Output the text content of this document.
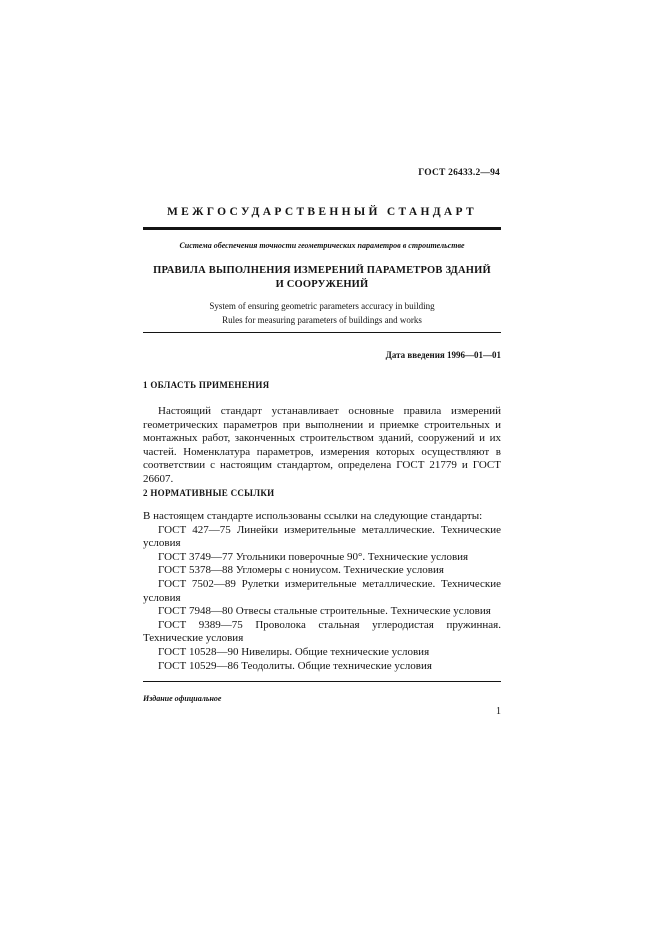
ГОСТ 26433.2—94
МЕЖГОСУДАРСТВЕННЫЙ СТАНДАРТ
Система обеспечения точности геометрических параметров в строительстве
ПРАВИЛА ВЫПОЛНЕНИЯ ИЗМЕРЕНИЙ ПАРАМЕТРОВ ЗДАНИЙ
И СООРУЖЕНИЙ
System of ensuring geometric parameters accuracy in building
Rules for measuring parameters of buildings and works
Дата введения 1996—01—01
1 ОБЛАСТЬ ПРИМЕНЕНИЯ
Настоящий стандарт устанавливает основные правила измерений геометрических параметров при выполнении и приемке строительных и монтажных работ, законченных строительством зданий, сооружений и их частей. Номенклатура параметров, измерения которых осуществляют в соответствии с настоящим стандартом, определена ГОСТ 21779 и ГОСТ 26607.
2 НОРМАТИВНЫЕ ССЫЛКИ

В настоящем стандарте использованы ссылки на следующие стандарты:

ГОСТ 427—75 Линейки измерительные металлические. Технические условия

ГОСТ 3749—77 Угольники поверочные 90°. Технические условия

ГОСТ 5378—88 Угломеры с нониусом. Технические условия

ГОСТ 7502—89 Рулетки измерительные металлические. Технические условия

ГОСТ 7948—80 Отвесы стальные строительные. Технические условия

ГОСТ 9389—75 Проволока стальная углеродистая пружинная. Технические условия

ГОСТ 10528—90 Нивелиры. Общие технические условия

ГОСТ 10529—86 Теодолиты. Общие технические условия

Издание официальное
1
